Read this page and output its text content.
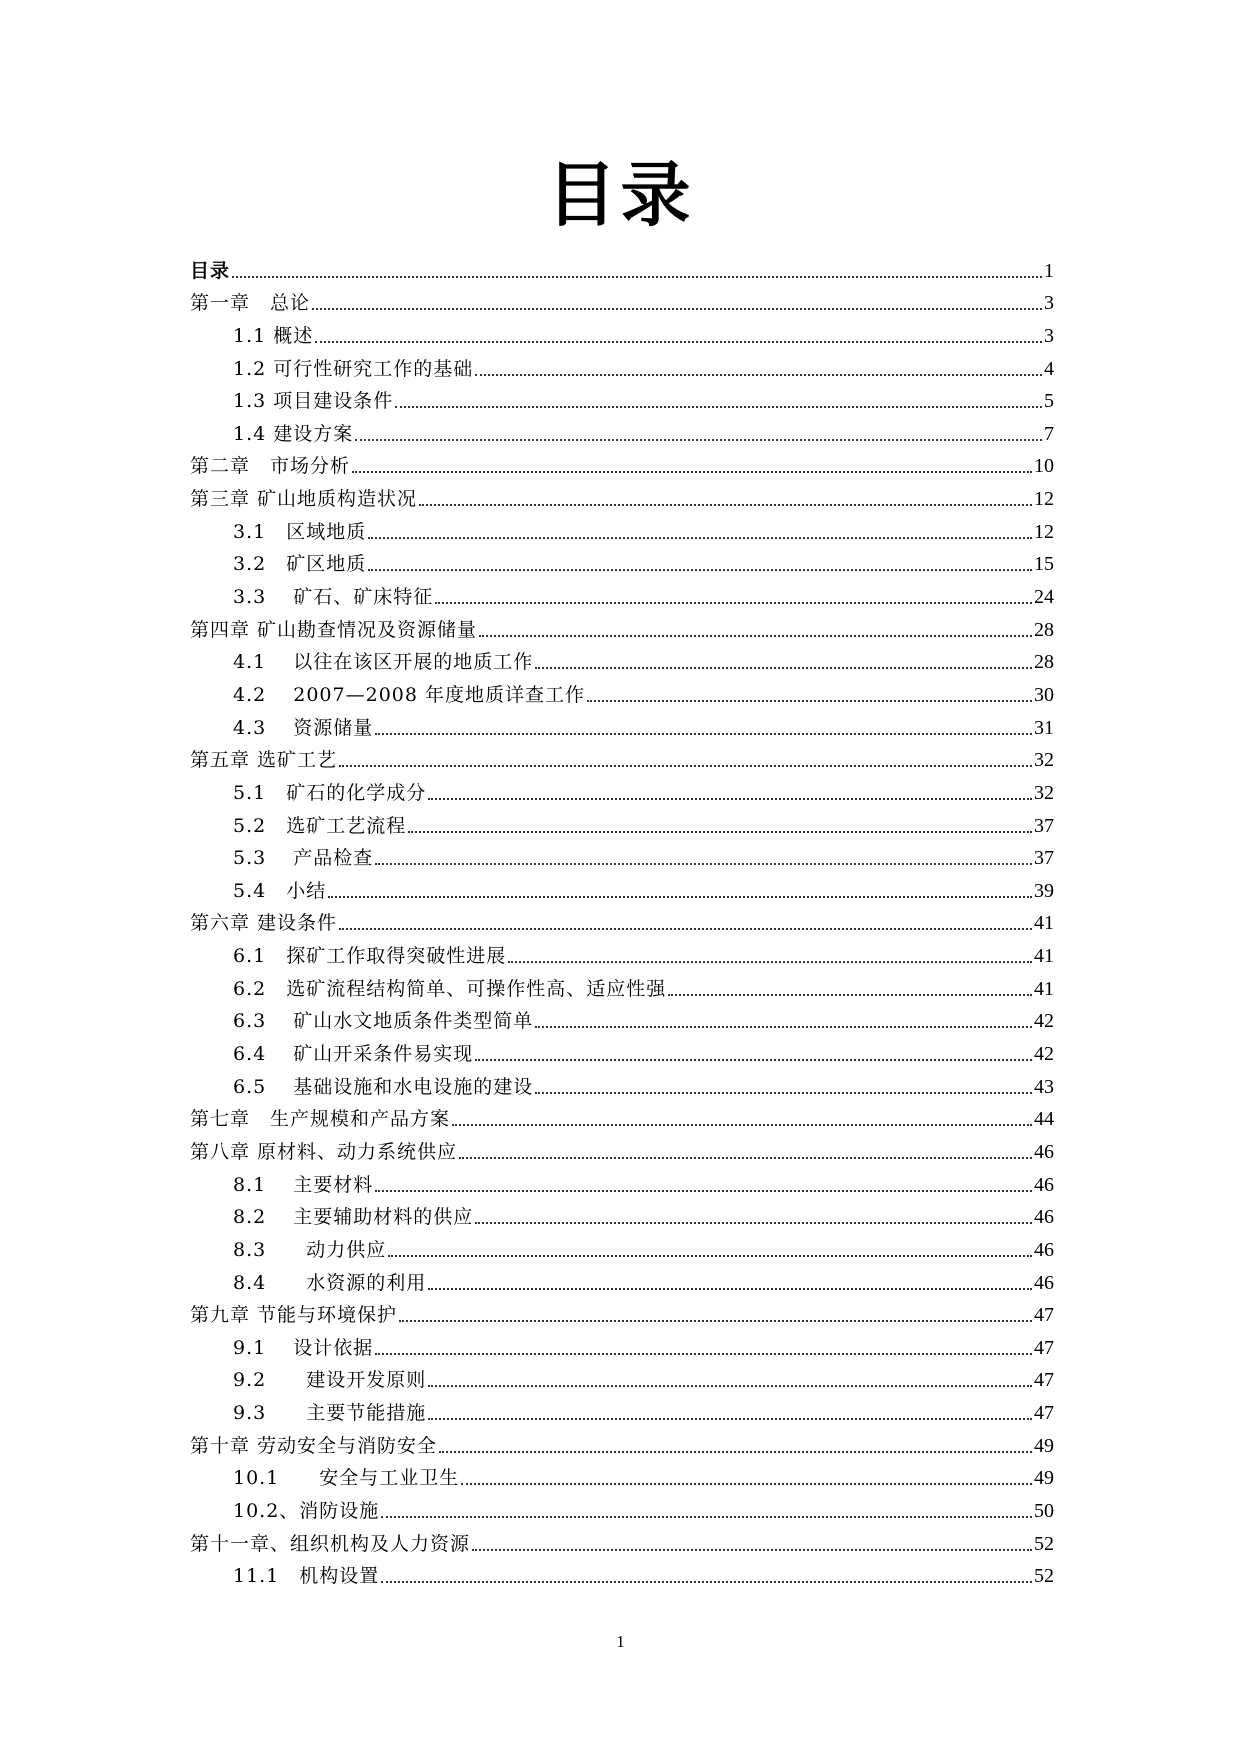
目录
目录	1
第一章　总论	3
1.1 概述	3
1.2 可行性研究工作的基础	4
1.3 项目建设条件	5
1.4 建设方案	7
第二章　市场分析	10
第三章 矿山地质构造状况	12
3.1　区域地质	12
3.2　矿区地质	15
3.3　 矿石、矿床特征	24
第四章 矿山勘查情况及资源储量	28
4.1　 以往在该区开展的地质工作	28
4.2　 2007—2008 年度地质详查工作	30
4.3　 资源储量	31
第五章 选矿工艺	32
5.1　矿石的化学成分	32
5.2　选矿工艺流程	37
5.3　 产品检查	37
5.4　小结	39
第六章 建设条件	41
6.1　探矿工作取得突破性进展	41
6.2　选矿流程结构简单、可操作性高、适应性强	41
6.3　 矿山水文地质条件类型简单	42
6.4　 矿山开采条件易实现	42
6.5　 基础设施和水电设施的建设	43
第七章　生产规模和产品方案	44
第八章 原材料、动力系统供应	46
8.1　 主要材料	46
8.2　 主要辅助材料的供应	46
8.3　　动力供应	46
8.4　　水资源的利用	46
第九章 节能与环境保护	47
9.1　 设计依据	47
9.2　　建设开发原则	47
9.3　　主要节能措施	47
第十章 劳动安全与消防安全	49
10.1　　安全与工业卫生	49
10.2、消防设施	50
第十一章、组织机构及人力资源	52
11.1　机构设置	52
1
